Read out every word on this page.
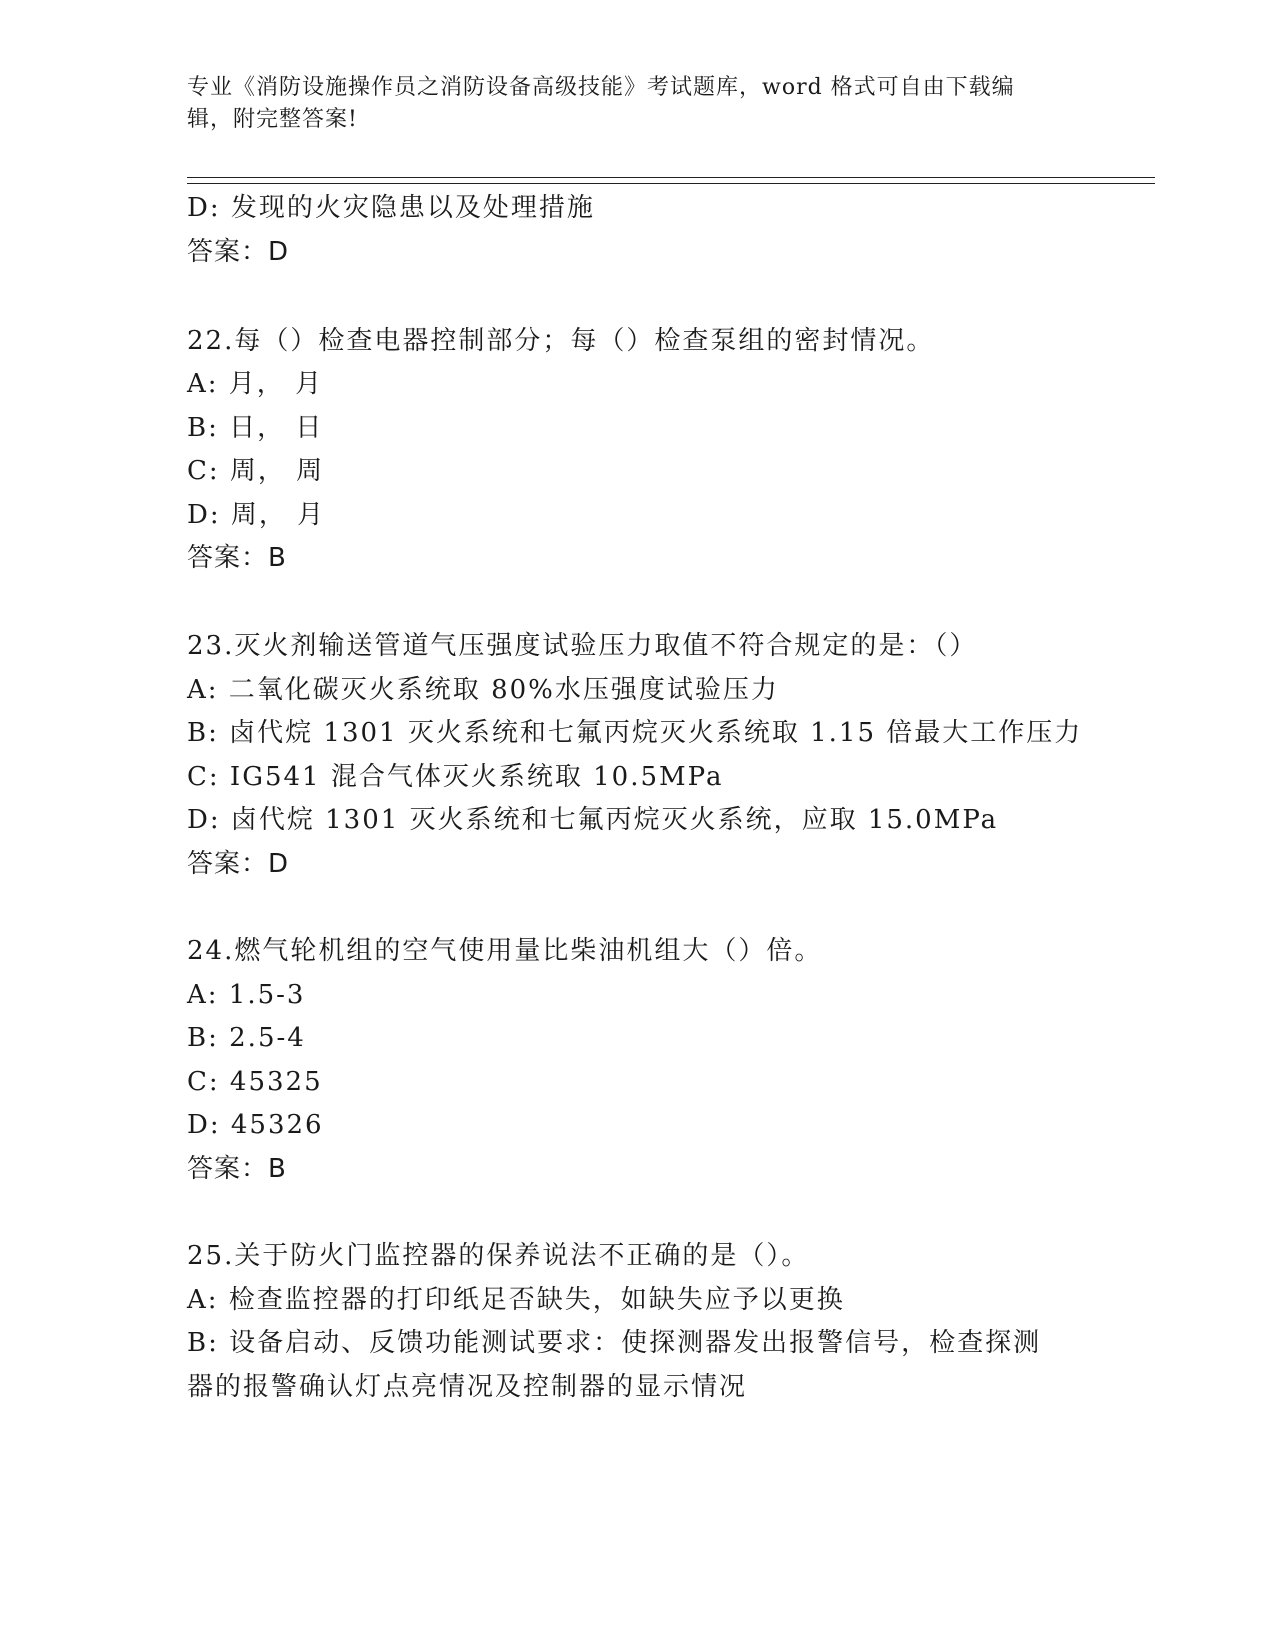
专业《消防设施操作员之消防设备高级技能》考试题库，word 格式可自由下载编
辑，附完整答案!
D: 发现的火灾隐患以及处理措施
答案：D
22.每（）检查电器控制部分；每（）检查泵组的密封情况。
A: 月， 月
B: 日， 日
C: 周， 周
D: 周， 月
答案：B
23.灭火剂输送管道气压强度试验压力取值不符合规定的是：（）
A: 二氧化碳灭火系统取 80%水压强度试验压力
B: 卤代烷 1301 灭火系统和七氟丙烷灭火系统取 1.15 倍最大工作压力
C: IG541 混合气体灭火系统取 10.5MPa
D: 卤代烷 1301 灭火系统和七氟丙烷灭火系统，应取 15.0MPa
答案：D
24.燃气轮机组的空气使用量比柴油机组大（）倍。
A: 1.5-3
B: 2.5-4
C: 45325
D: 45326
答案：B
25.关于防火门监控器的保养说法不正确的是（）。
A: 检查监控器的打印纸足否缺失，如缺失应予以更换
B: 设备启动、反馈功能测试要求：使探测器发出报警信号，检查探测
器的报警确认灯点亮情况及控制器的显示情况
